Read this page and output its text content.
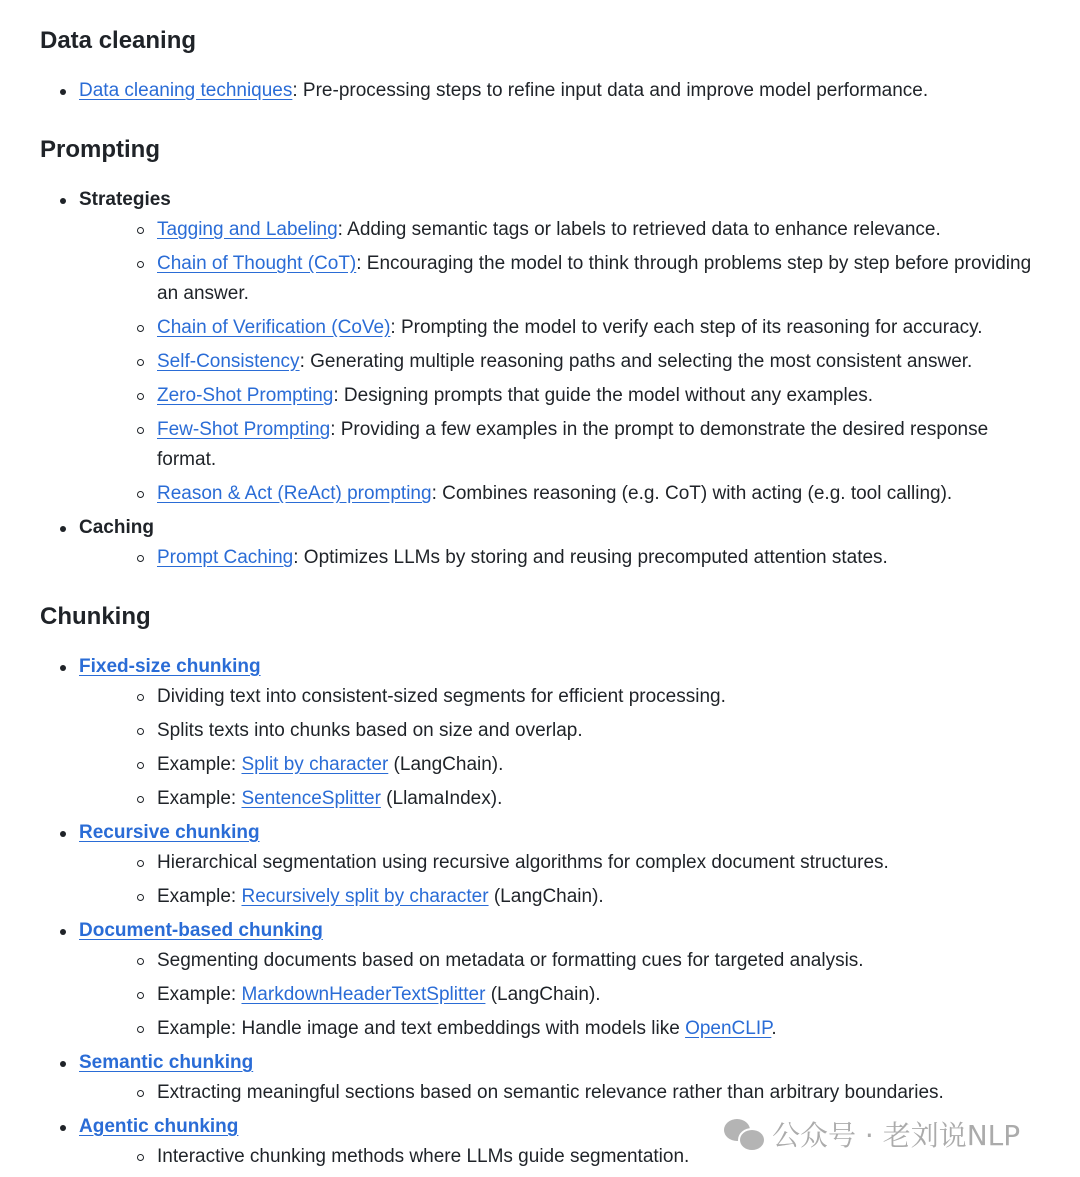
Data cleaning
Data cleaning techniques: Pre-processing steps to refine input data and improve model performance.
Prompting
Strategies
Tagging and Labeling: Adding semantic tags or labels to retrieved data to enhance relevance.
Chain of Thought (CoT): Encouraging the model to think through problems step by step before providing an answer.
Chain of Verification (CoVe): Prompting the model to verify each step of its reasoning for accuracy.
Self-Consistency: Generating multiple reasoning paths and selecting the most consistent answer.
Zero-Shot Prompting: Designing prompts that guide the model without any examples.
Few-Shot Prompting: Providing a few examples in the prompt to demonstrate the desired response format.
Reason & Act (ReAct) prompting: Combines reasoning (e.g. CoT) with acting (e.g. tool calling).
Caching
Prompt Caching: Optimizes LLMs by storing and reusing precomputed attention states.
Chunking
Fixed-size chunking
Dividing text into consistent-sized segments for efficient processing.
Splits texts into chunks based on size and overlap.
Example: Split by character (LangChain).
Example: SentenceSplitter (LlamaIndex).
Recursive chunking
Hierarchical segmentation using recursive algorithms for complex document structures.
Example: Recursively split by character (LangChain).
Document-based chunking
Segmenting documents based on metadata or formatting cues for targeted analysis.
Example: MarkdownHeaderTextSplitter (LangChain).
Example: Handle image and text embeddings with models like OpenCLIP.
Semantic chunking
Extracting meaningful sections based on semantic relevance rather than arbitrary boundaries.
Agentic chunking
Interactive chunking methods where LLMs guide segmentation.
公众号 · 老刘说NLP
